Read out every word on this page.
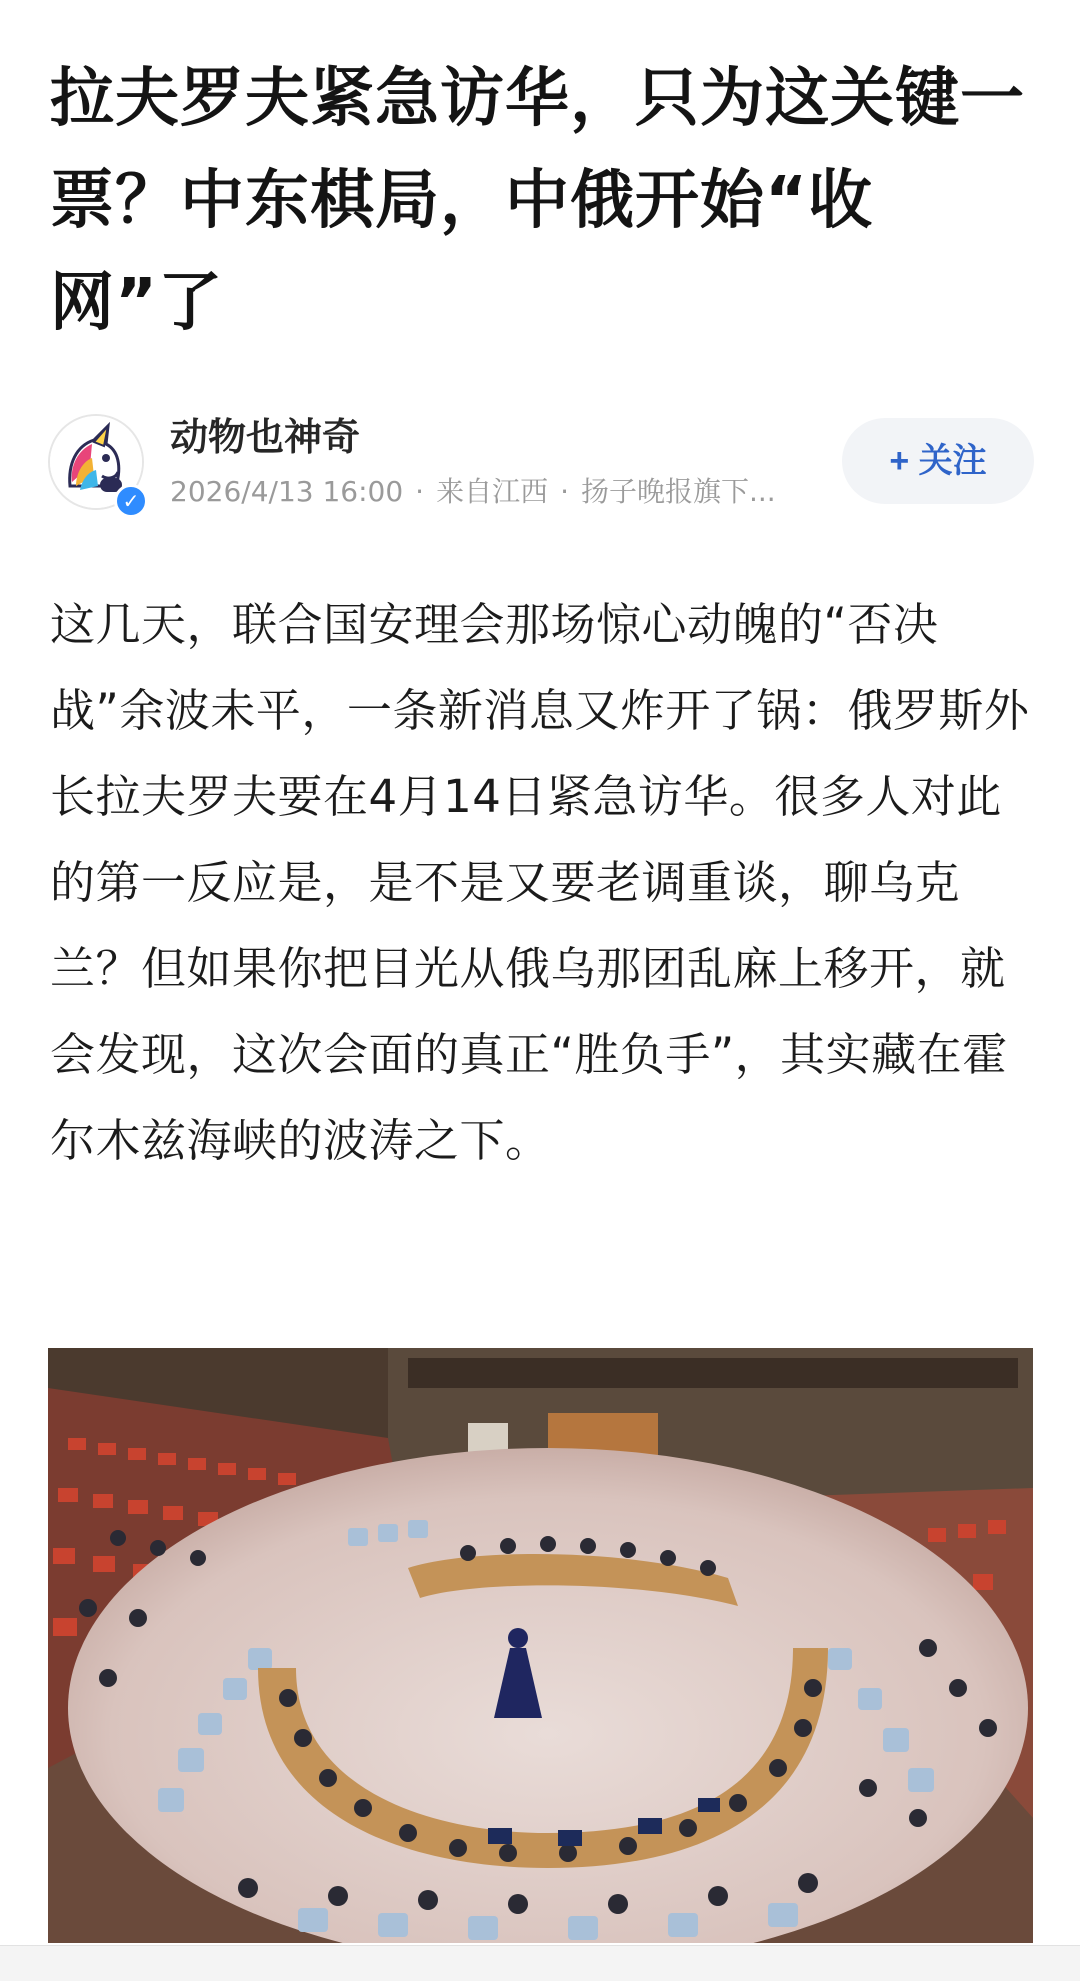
拉夫罗夫紧急访华，只为这关键一票？中东棋局，中俄开始“收网”了
✓
动物也神奇
2026/4/13 16:00 · 来自江西 · 扬子晚报旗下...
+ 关注

这几天，联合国安理会那场惊心动魄的“否决战”余波未平，一条新消息又炸开了锅：俄罗斯外长拉夫罗夫要在4月14日紧急访华。很多人对此的第一反应是，是不是又要老调重谈，聊乌克兰？但如果你把目光从俄乌那团乱麻上移开，就会发现，这次会面的真正“胜负手”，其实藏在霍尔木兹海峡的波涛之下。
